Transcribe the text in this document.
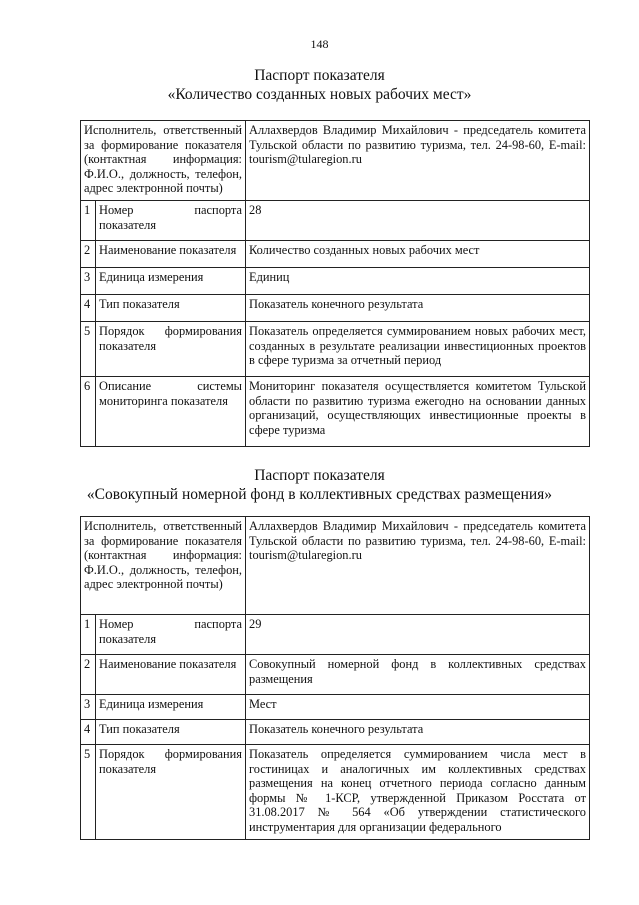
148
Паспорт показателя
«Количество созданных новых рабочих мест»
Исполнитель, ответственный за формирование показателя (контактная информация: Ф.И.О., должность, телефон, адрес электронной почты)		Аллахвердов Владимир Михайлович - председатель комитета Тульской области по развитию туризма, тел. 24-98-60, E-mail: tourism@tularegion.ru
1	Номер паспорта показателя	28
2	Наименование показателя	Количество созданных новых рабочих мест
3	Единица измерения	Единиц
4	Тип показателя	Показатель конечного результата
5	Порядок формирования показателя	Показатель определяется суммированием новых рабочих мест, созданных в результате реализации инвестиционных проектов в сфере туризма за отчетный период
6	Описание системы мониторинга показателя	Мониторинг показателя осуществляется комитетом Тульской области по развитию туризма ежегодно на основании данных организаций, осуществляющих инвестиционные проекты в сфере туризма
Паспорт показателя
«Совокупный номерной фонд в коллективных средствах размещения»
Исполнитель, ответственный за формирование показателя (контактная информация: Ф.И.О., должность, телефон, адрес электронной почты)		Аллахвердов Владимир Михайлович - председатель комитета Тульской области по развитию туризма, тел. 24-98-60, E-mail: tourism@tularegion.ru
1	Номер паспорта показателя	29
2	Наименование показателя	Совокупный номерной фонд в коллективных средствах размещения
3	Единица измерения	Мест
4	Тип показателя	Показатель конечного результата
5	Порядок формирования показателя	Показатель определяется суммированием числа мест в гостиницах и аналогичных им коллективных средствах размещения на конец отчетного периода согласно данным формы № 1-КСР, утвержденной Приказом Росстата от 31.08.2017 № 564 «Об утверждении статистического инструментария для организации федерального
